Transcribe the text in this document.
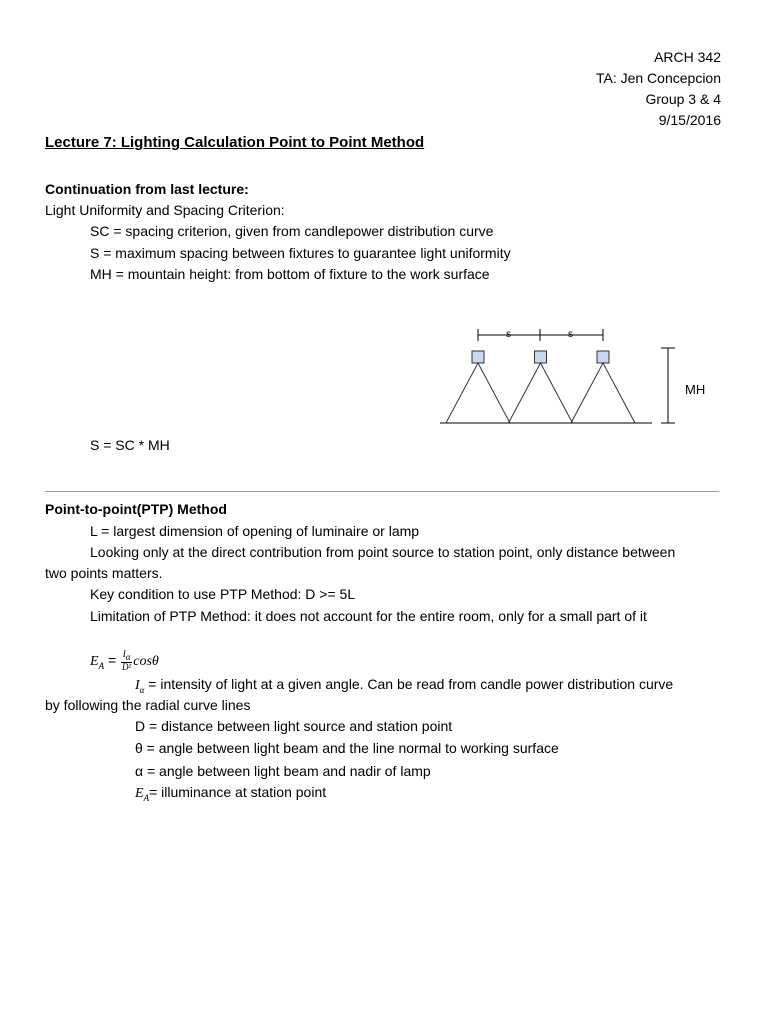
ARCH 342
TA: Jen Concepcion
Group 3 & 4
9/15/2016
Lecture 7: Lighting Calculation Point to Point Method
Continuation from last lecture:
Light Uniformity and Spacing Criterion:
SC = spacing criterion, given from candlepower distribution curve
S = maximum spacing between fixtures to guarantee light uniformity
MH = mountain height: from bottom of fixture to the work surface
s	s
MH
S = SC * MH
Point-to-point(PTP) Method
L = largest dimension of opening of luminaire or lamp
Looking only at the direct contribution from point source to station point, only distance between
two points matters.
Key condition to use PTP Method: D >= 5L
Limitation of PTP Method: it does not account for the entire room, only for a small part of it
$E_A = \frac{I_\alpha}{\text{D²}}$ cosθ
$I_\alpha$ = intensity of light at a given angle. Can be read from candle power distribution curve
by following the radial curve lines
D = distance between light source and station point
θ = angle between light beam and the line normal to working surface
α = angle between light beam and nadir of lamp
$E_A=$ illuminance at station point
